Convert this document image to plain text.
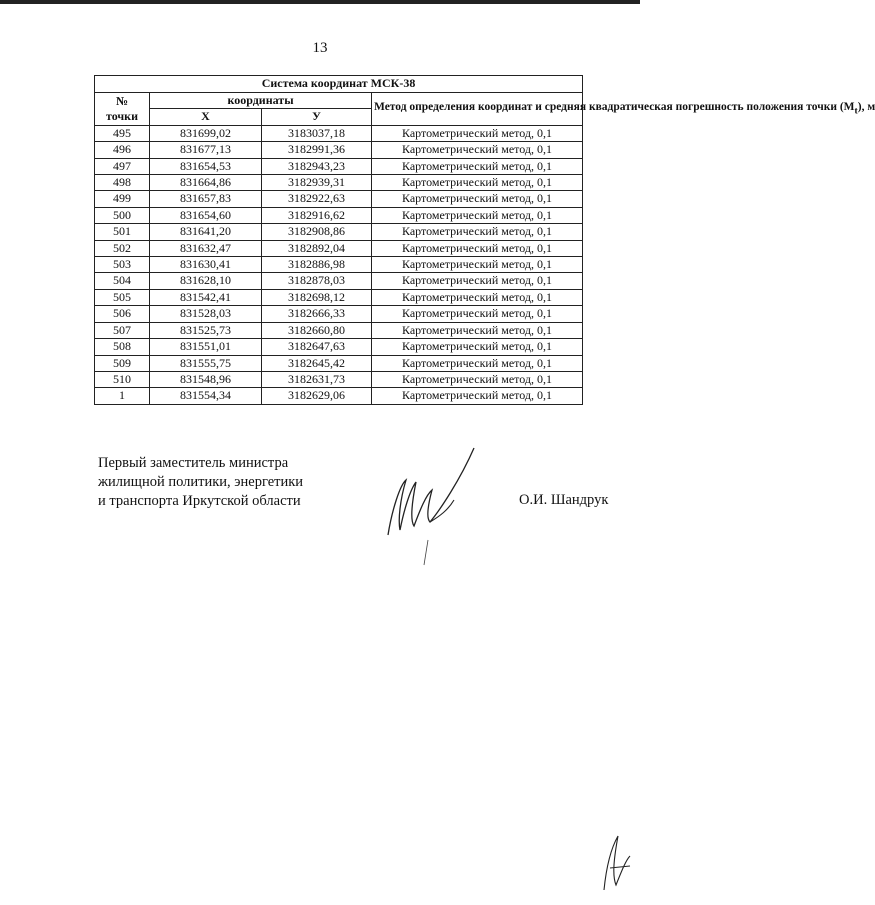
13
Система координат МСК-38			
№
точки	координаты		Метод определения координат и средняя квадратическая погрешность положения точки $(М_t)$, м
	Х	У	
495	831699,02	3183037,18	Картометрический метод, 0,1
496	831677,13	3182991,36	Картометрический метод, 0,1
497	831654,53	3182943,23	Картометрический метод, 0,1
498	831664,86	3182939,31	Картометрический метод, 0,1
499	831657,83	3182922,63	Картометрический метод, 0,1
500	831654,60	3182916,62	Картометрический метод, 0,1
501	831641,20	3182908,86	Картометрический метод, 0,1
502	831632,47	3182892,04	Картометрический метод, 0,1
503	831630,41	3182886,98	Картометрический метод, 0,1
504	831628,10	3182878,03	Картометрический метод, 0,1
505	831542,41	3182698,12	Картометрический метод, 0,1
506	831528,03	3182666,33	Картометрический метод, 0,1
507	831525,73	3182660,80	Картометрический метод, 0,1
508	831551,01	3182647,63	Картометрический метод, 0,1
509	831555,75	3182645,42	Картометрический метод, 0,1
510	831548,96	3182631,73	Картометрический метод, 0,1
1	831554,34	3182629,06	Картометрический метод, 0,1
Первый заместитель министра
жилищной политики, энергетики
и транспорта Иркутской области	О.И. Шандрук
